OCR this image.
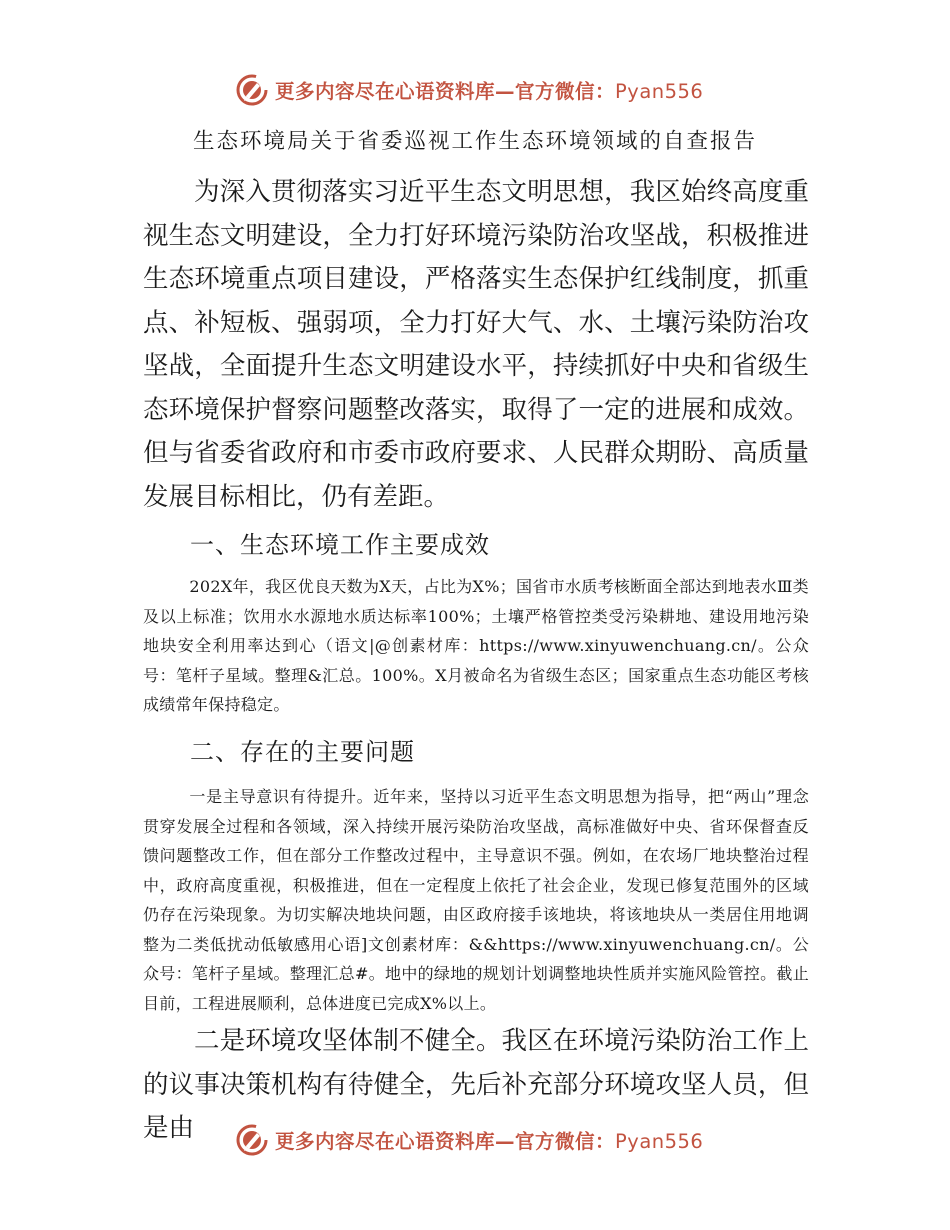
更多内容尽在心语资料库—官方微信：Pyan556
生态环境局关于省委巡视工作生态环境领域的自查报告
为深入贯彻落实习近平生态文明思想，我区始终高度重视生态文明建设，全力打好环境污染防治攻坚战，积极推进生态环境重点项目建设，严格落实生态保护红线制度，抓重点、补短板、强弱项，全力打好大气、水、土壤污染防治攻坚战，全面提升生态文明建设水平，持续抓好中央和省级生态环境保护督察问题整改落实，取得了一定的进展和成效。但与省委省政府和市委市政府要求、人民群众期盼、高质量发展目标相比，仍有差距。
一、生态环境工作主要成效
202X年，我区优良天数为X天，占比为X%；国省市水质考核断面全部达到地表水Ⅲ类及以上标准；饮用水水源地水质达标率100%；土壤严格管控类受污染耕地、建设用地污染地块安全利用率达到心（语文|@创素材库：https://www.xinyuwenchuang.cn/。公众号：笔杆子星域。整理&汇总。100%。X月被命名为省级生态区；国家重点生态功能区考核成绩常年保持稳定。
二、存在的主要问题
一是主导意识有待提升。近年来，坚持以习近平生态文明思想为指导，把“两山”理念贯穿发展全过程和各领域，深入持续开展污染防治攻坚战，高标准做好中央、省环保督查反馈问题整改工作，但在部分工作整改过程中，主导意识不强。例如，在农场厂地块整治过程中，政府高度重视，积极推进，但在一定程度上依托了社会企业，发现已修复范围外的区域仍存在污染现象。为切实解决地块问题，由区政府接手该地块，将该地块从一类居住用地调整为二类低扰动低敏感用心语]文创素材库：&&https://www.xinyuwenchuang.cn/。公众号：笔杆子星域。整理汇总#。地中的绿地的规划计划调整地块性质并实施风险管控。截止目前，工程进展顺利，总体进度已完成X%以上。
二是环境攻坚体制不健全。我区在环境污染防治工作上的议事决策机构有待健全，先后补充部分环境攻坚人员，但是由	更多内容尽在心语资料库—官方微信：Pyan556
